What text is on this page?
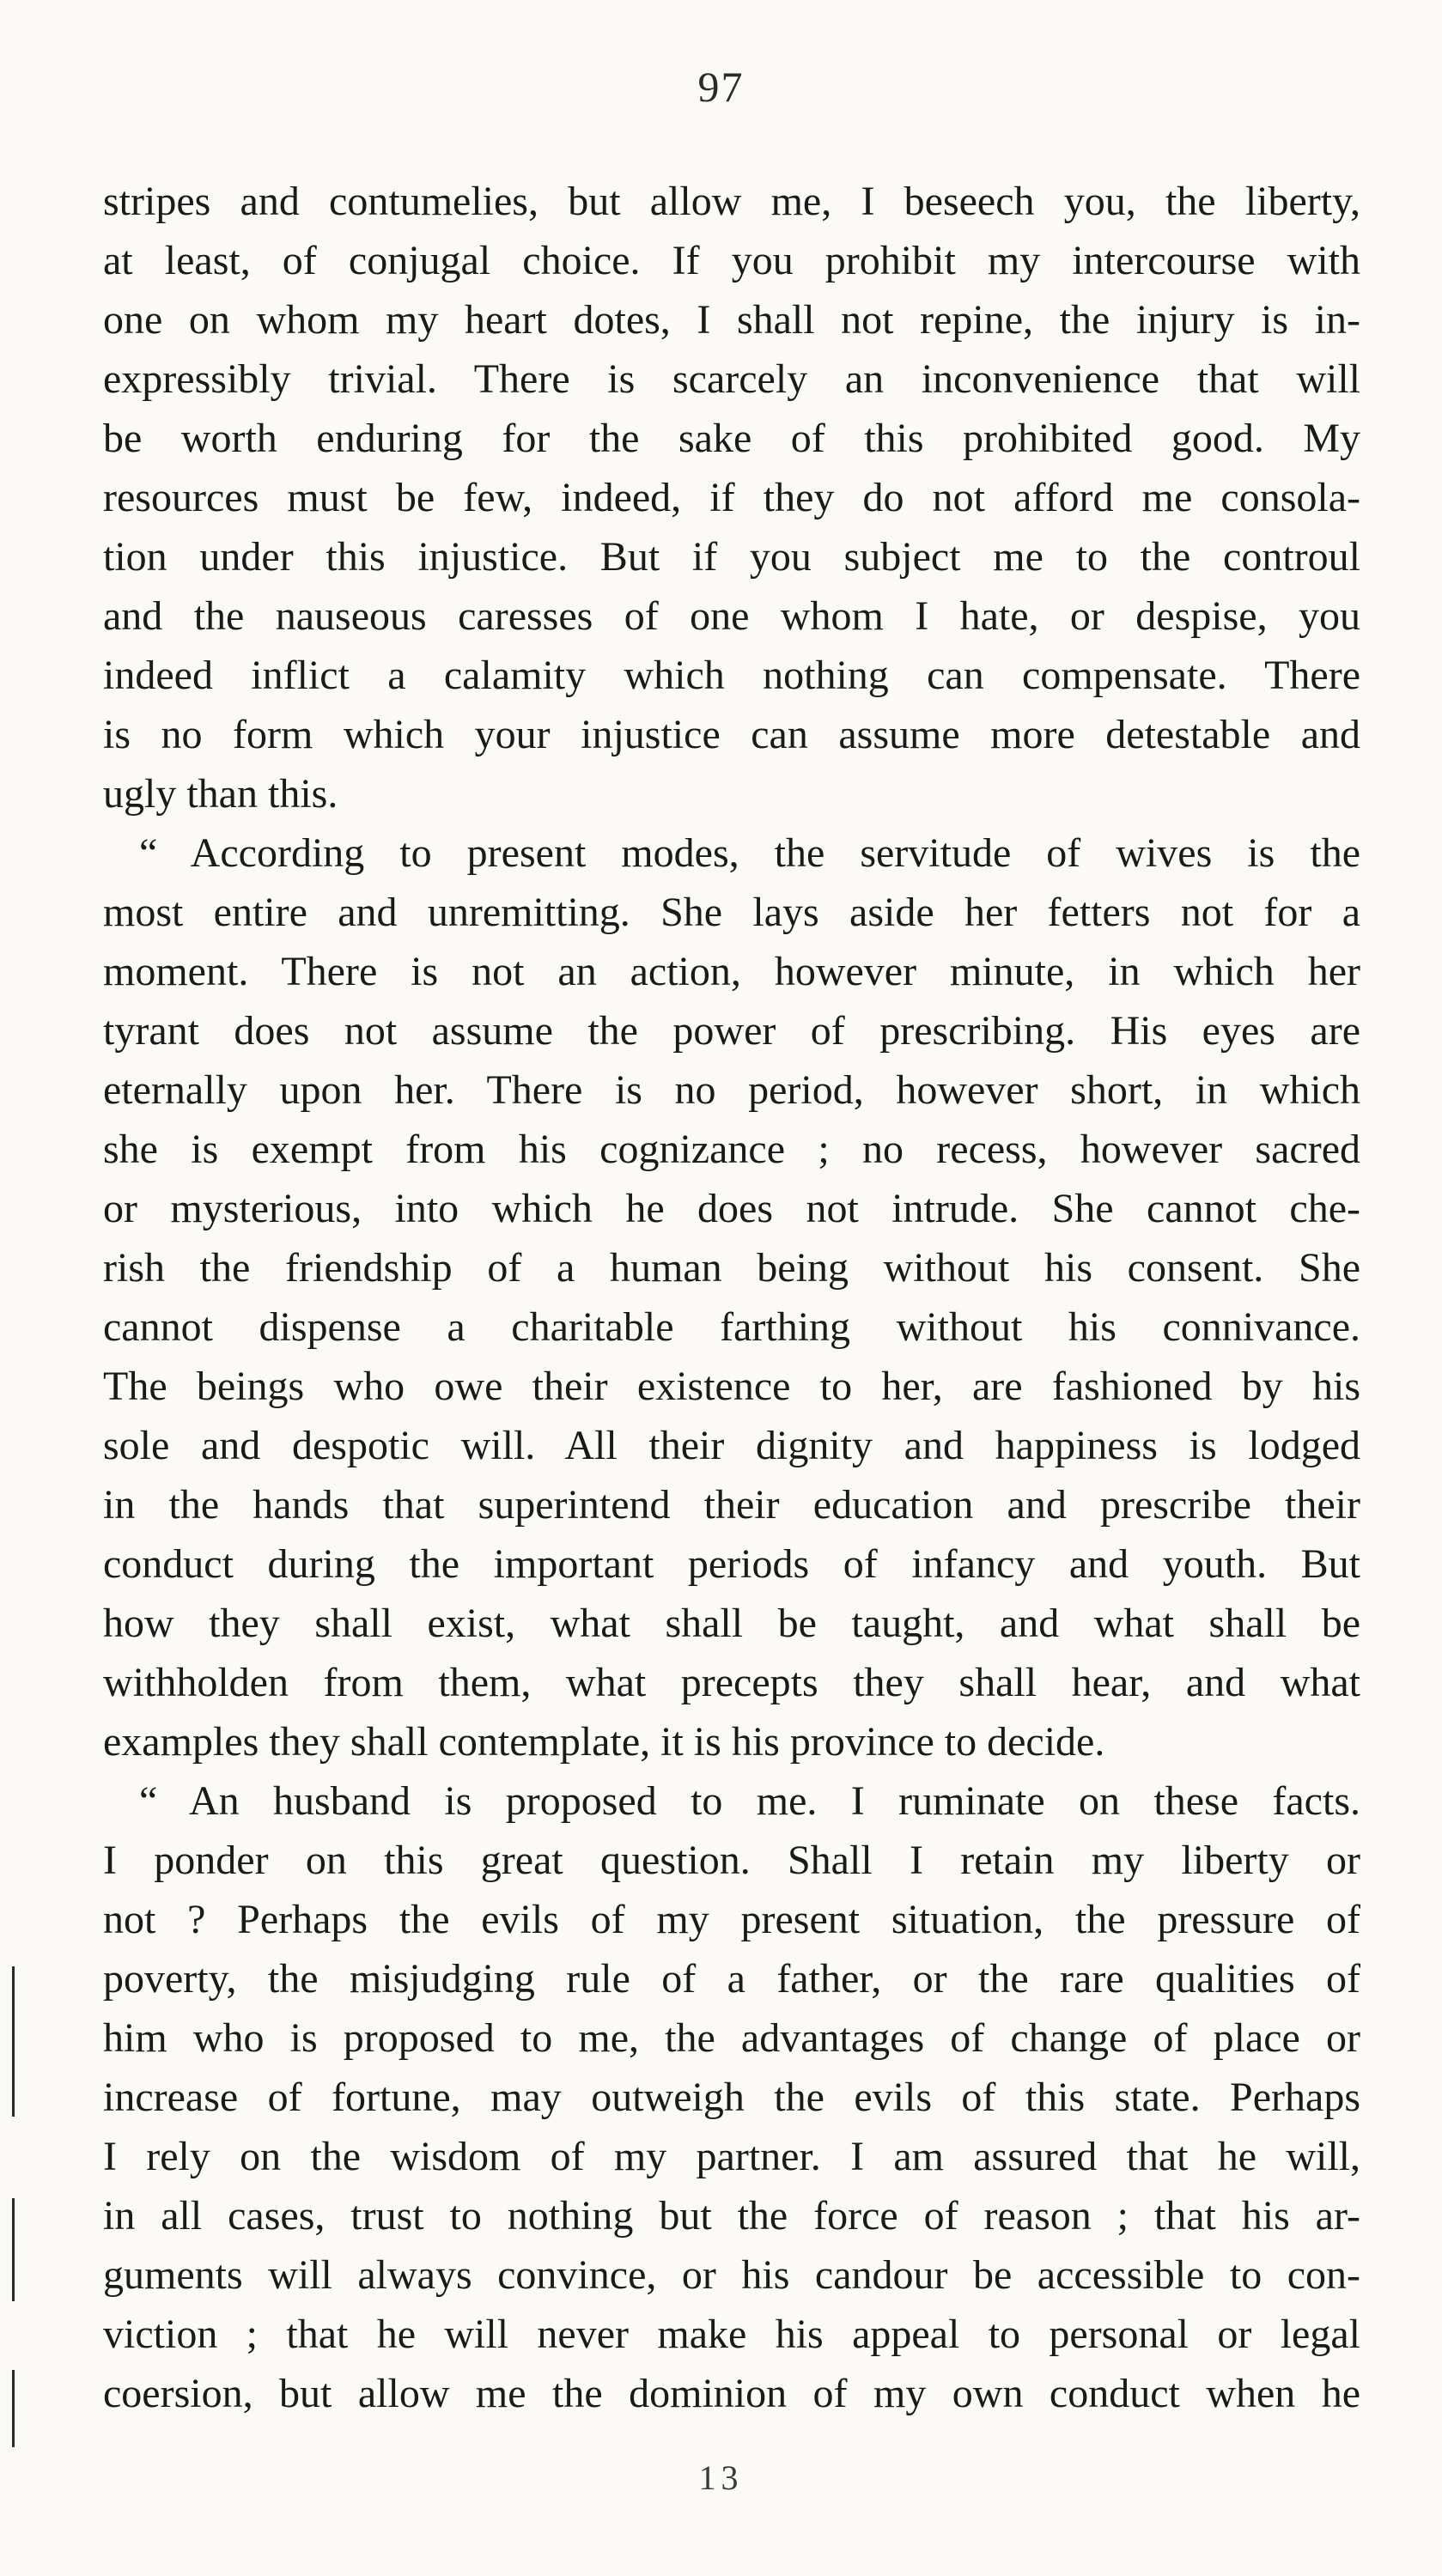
97
stripes and contumelies, but allow me, I beseech you, the liberty,
at least, of conjugal choice. If you prohibit my intercourse with
one on whom my heart dotes, I shall not repine, the injury is in-
expressibly trivial. There is scarcely an inconvenience that will
be worth enduring for the sake of this prohibited good. My
resources must be few, indeed, if they do not afford me consola-
tion under this injustice. But if you subject me to the controul
and the nauseous caresses of one whom I hate, or despise, you
indeed inflict a calamity which nothing can compensate. There
is no form which your injustice can assume more detestable and
ugly than this.
“ According to present modes, the servitude of wives is the
most entire and unremitting. She lays aside her fetters not for a
moment. There is not an action, however minute, in which her
tyrant does not assume the power of prescribing. His eyes are
eternally upon her. There is no period, however short, in which
she is exempt from his cognizance ; no recess, however sacred
or mysterious, into which he does not intrude. She cannot che-
rish the friendship of a human being without his consent. She
cannot dispense a charitable farthing without his connivance.
The beings who owe their existence to her, are fashioned by his
sole and despotic will. All their dignity and happiness is lodged
in the hands that superintend their education and prescribe their
conduct during the important periods of infancy and youth. But
how they shall exist, what shall be taught, and what shall be
withholden from them, what precepts they shall hear, and what
examples they shall contemplate, it is his province to decide.
“ An husband is proposed to me. I ruminate on these facts.
I ponder on this great question. Shall I retain my liberty or
not ? Perhaps the evils of my present situation, the pressure of
poverty, the misjudging rule of a father, or the rare qualities of
him who is proposed to me, the advantages of change of place or
increase of fortune, may outweigh the evils of this state. Perhaps
I rely on the wisdom of my partner. I am assured that he will,
in all cases, trust to nothing but the force of reason ; that his ar-
guments will always convince, or his candour be accessible to con-
viction ; that he will never make his appeal to personal or legal
coersion, but allow me the dominion of my own conduct when he
13
